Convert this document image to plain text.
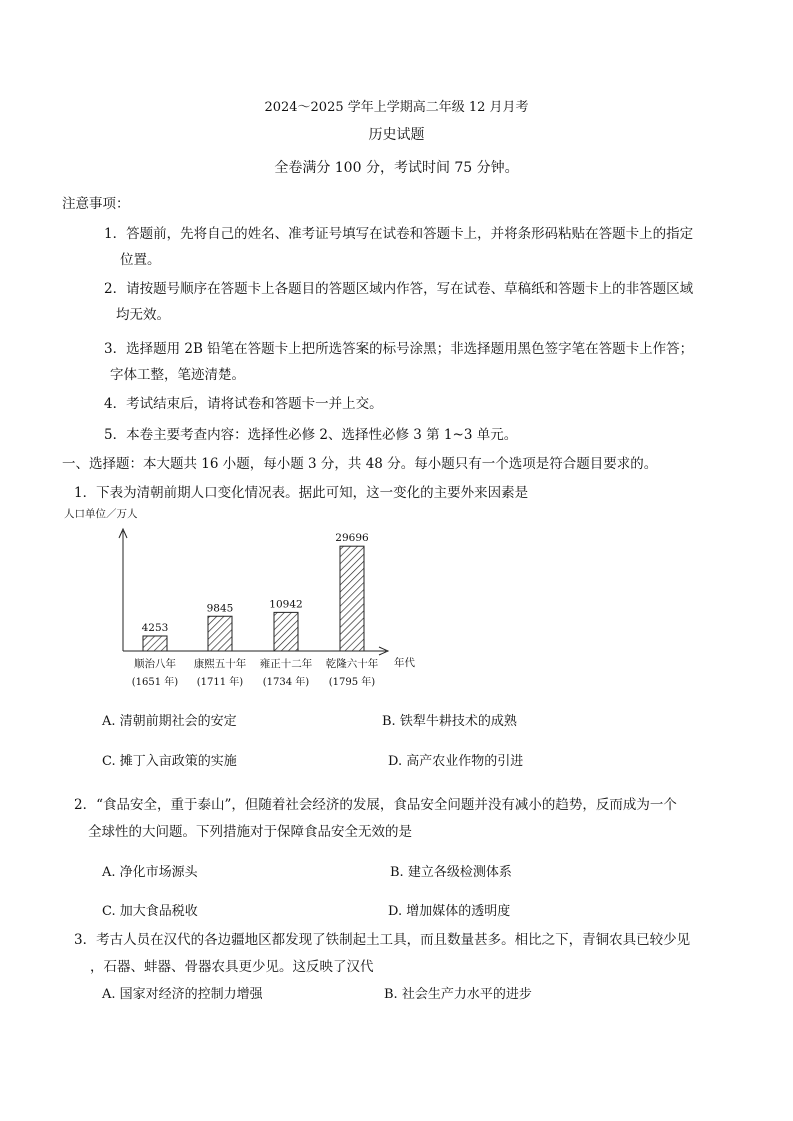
2024～2025 学年上学期高二年级 12 月月考
历史试题
全卷满分 100 分，考试时间 75 分钟。
注意事项：
1．答题前，先将自己的姓名、准考证号填写在试卷和答题卡上，并将条形码粘贴在答题卡上的指定
位置。
2．请按题号顺序在答题卡上各题目的答题区域内作答，写在试卷、草稿纸和答题卡上的非答题区域
均无效。
3．选择题用 2B 铅笔在答题卡上把所选答案的标号涂黑；非选择题用黑色签字笔在答题卡上作答；
字体工整，笔迹清楚。
4．考试结束后，请将试卷和答题卡一并上交。
5．本卷主要考查内容：选择性必修 2、选择性必修 3 第 1~3 单元。
一、选择题：本大题共 16 小题，每小题 3 分，共 48 分。每小题只有一个选项是符合题目要求的。
1．下表为清朝前期人口变化情况表。据此可知，这一变化的主要外来因素是
人口单位／万人
年代
4253
顺治八年
(1651 年)
9845
康熙五十年
(1711 年)
10942
雍正十二年
(1734 年)
29696
乾隆六十年
(1795 年)
A. 清朝前期社会的安定	B. 铁犁牛耕技术的成熟
C. 摊丁入亩政策的实施	D. 高产农业作物的引进
2．“食品安全，重于泰山”，但随着社会经济的发展，食品安全问题并没有减小的趋势，反而成为一个
全球性的大问题。下列措施对于保障食品安全无效的是
A. 净化市场源头	B. 建立各级检测体系
C. 加大食品税收	D. 增加媒体的透明度
3．考古人员在汉代的各边疆地区都发现了铁制起土工具，而且数量甚多。相比之下，青铜农具已较少见
，石器、蚌器、骨器农具更少见。这反映了汉代
A. 国家对经济的控制力增强	B. 社会生产力水平的进步
